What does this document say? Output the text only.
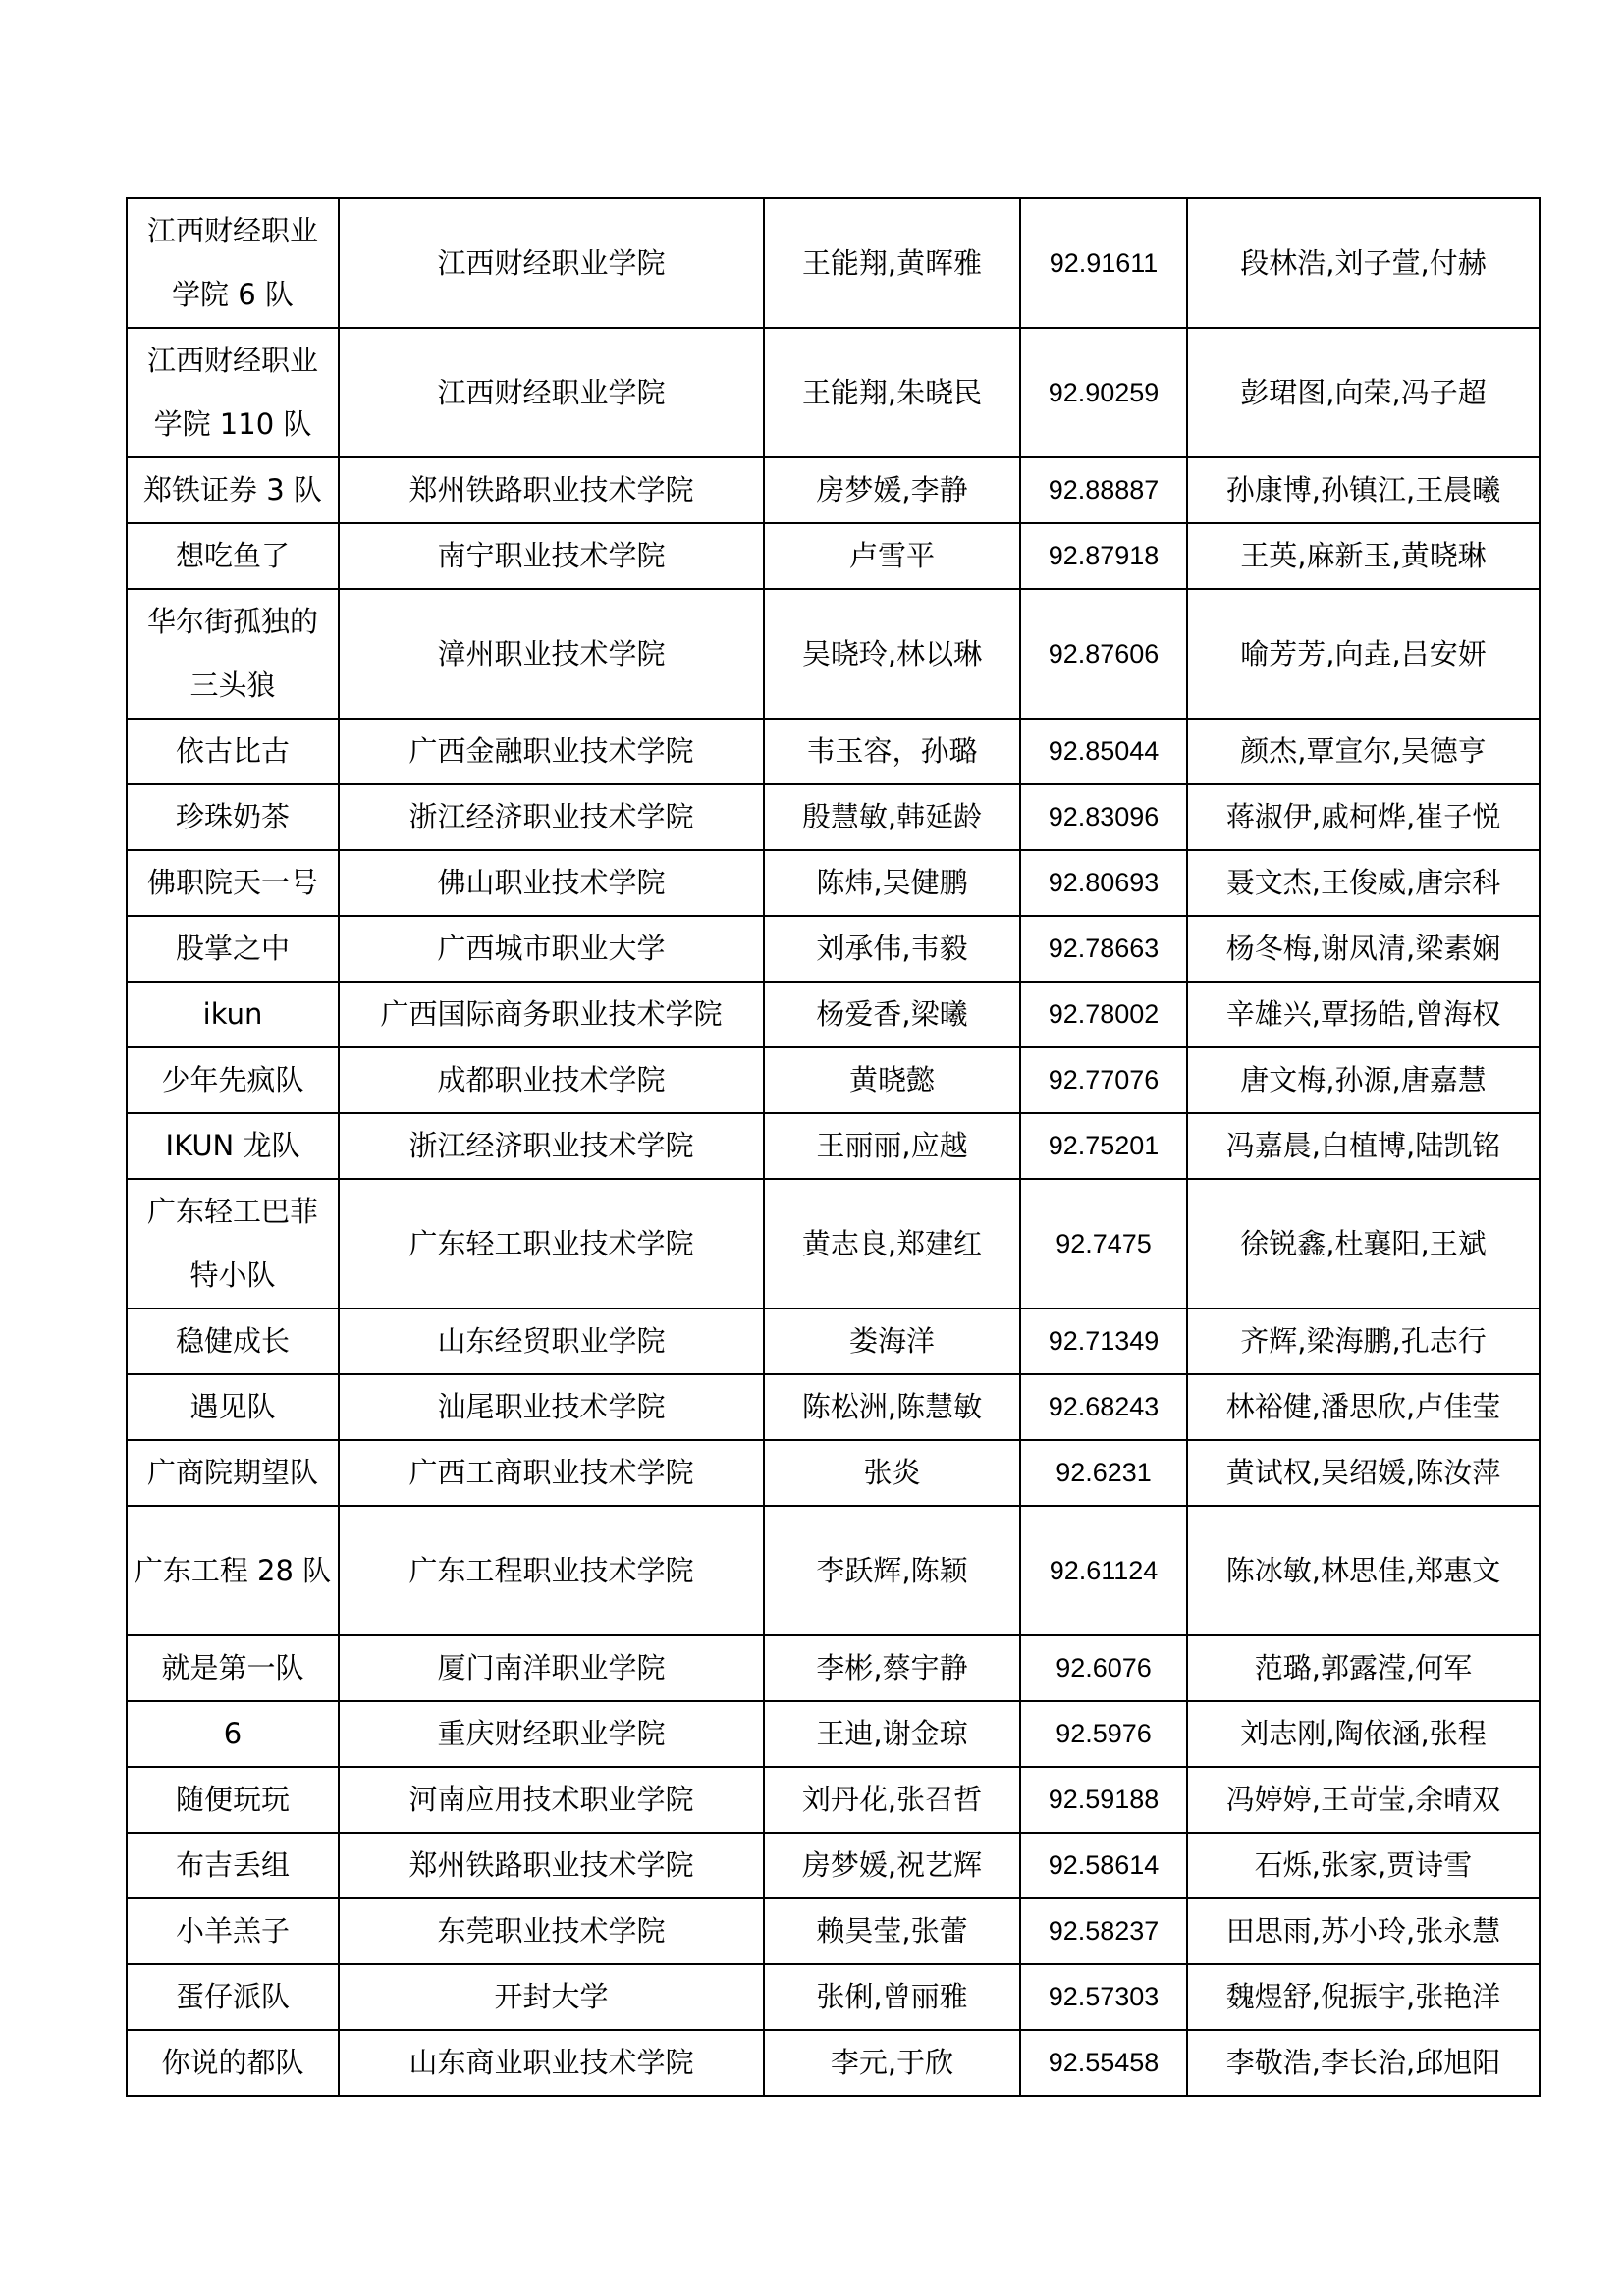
江西财经职业学院 6 队	江西财经职业学院	王能翔,黄晖雅	92.91611	段林浩,刘子萱,付赫
江西财经职业学院 110 队	江西财经职业学院	王能翔,朱晓民	92.90259	彭珺图,向荣,冯子超
郑铁证券 3 队	郑州铁路职业技术学院	房梦媛,李静	92.88887	孙康博,孙镇江,王晨曦
想吃鱼了	南宁职业技术学院	卢雪平	92.87918	王英,麻新玉,黄晓琳
华尔街孤独的三头狼	漳州职业技术学院	吴晓玲,林以琳	92.87606	喻芳芳,向垚,吕安妍
依古比古	广西金融职业技术学院	韦玉容，孙璐	92.85044	颜杰,覃宣尔,吴德亨
珍珠奶茶	浙江经济职业技术学院	殷慧敏,韩延龄	92.83096	蒋淑伊,戚柯烨,崔子悦
佛职院天一号	佛山职业技术学院	陈炜,吴健鹏	92.80693	聂文杰,王俊威,唐宗科
股掌之中	广西城市职业大学	刘承伟,韦毅	92.78663	杨冬梅,谢凤清,梁素娴
ikun	广西国际商务职业技术学院	杨爱香,梁曦	92.78002	辛雄兴,覃扬皓,曾海权
少年先疯队	成都职业技术学院	黄晓懿	92.77076	唐文梅,孙源,唐嘉慧
IKUN 龙队	浙江经济职业技术学院	王丽丽,应越	92.75201	冯嘉晨,白植博,陆凯铭
广东轻工巴菲特小队	广东轻工职业技术学院	黄志良,郑建红	92.7475	徐锐鑫,杜襄阳,王斌
稳健成长	山东经贸职业学院	娄海洋	92.71349	齐辉,梁海鹏,孔志行
遇见队	汕尾职业技术学院	陈松洲,陈慧敏	92.68243	林裕健,潘思欣,卢佳莹
广商院期望队	广西工商职业技术学院	张炎	92.6231	黄试权,吴绍媛,陈汝萍
广东工程 28 队	广东工程职业技术学院	李跃辉,陈颖	92.61124	陈冰敏,林思佳,郑惠文
就是第一队	厦门南洋职业学院	李彬,蔡宇静	92.6076	范璐,郭露滢,何军
6	重庆财经职业学院	王迪,谢金琼	92.5976	刘志刚,陶依涵,张程
随便玩玩	河南应用技术职业学院	刘丹花,张召哲	92.59188	冯婷婷,王苛莹,余晴双
布吉丢组	郑州铁路职业技术学院	房梦媛,祝艺辉	92.58614	石烁,张家,贾诗雪
小羊羔子	东莞职业技术学院	赖昊莹,张蕾	92.58237	田思雨,苏小玲,张永慧
蛋仔派队	开封大学	张俐,曾丽雅	92.57303	魏煜舒,倪振宇,张艳洋
你说的都队	山东商业职业技术学院	李元,于欣	92.55458	李敬浩,李长治,邱旭阳
